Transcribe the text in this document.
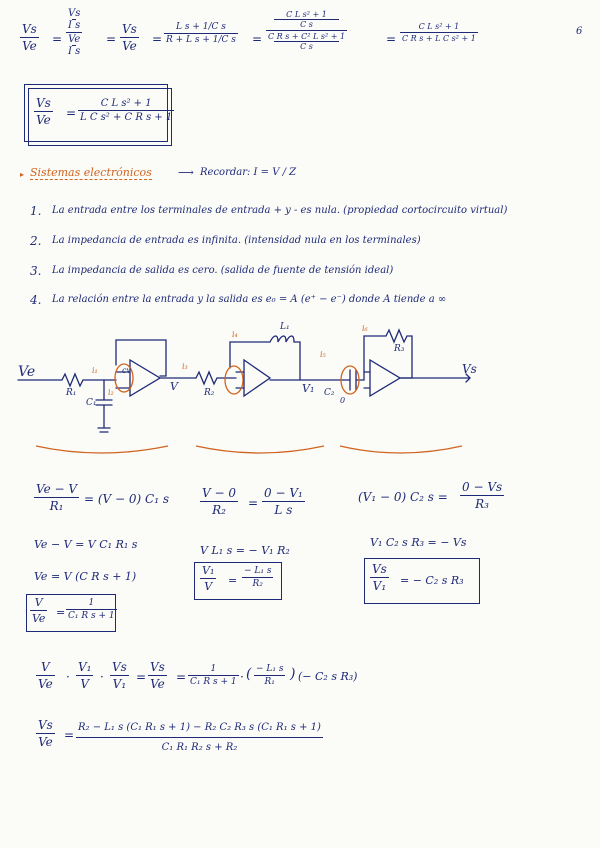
6
Vs
Ve =
Vs
I s
Ve
I s
=
Vs
Ve =
L s + 1/C s
R + L s + 1/C s =
C L s² + 1
C s
C R s + C² L s² + 1
C s
=
C L s² + 1
C R s + L C s² + 1
Vs
Ve =
C L s² + 1
L C s² + C R s + 1
▸ Sistemas electrónicos ⟶ Recordar: I = V / Z
1. La entrada entre los terminales de entrada + y - es nula. (propiedad cortocircuito virtual)
2. La impedancia de entrada es infinita. (intensidad nula en los terminales)
3. La impedancia de salida es cero. (salida de fuente de tensión ideal)
4. La relación entre la entrada y la salida es e₀ = A (e⁺ − e⁻) donde A tiende a ∞
Ve
R₁
C₁
i₁
i₂
cv
V
i₃
R₂
i₄
L₁
V₁
i₅
C₂
i₆
R₃
0
Vs
Ve − V
R₁ = (V − 0) C₁ s
Ve − V = V C₁ R₁ s
Ve = V (C R s + 1)
V
Ve =
1
C₁ R s + 1
V − 0
R₂ =
0 − V₁
L s
V L₁ s = − V₁ R₂
V₁
V =
− L₁ s
R₂
(V₁ − 0) C₂ s =
0 − Vs
R₃
V₁ C₂ s R₃ = − Vs
Vs
V₁ = − C₂ s R₃
V
Ve ·
V₁
V ·
Vs
V₁ =
Vs
Ve =
1
C₁ R s + 1 · ( − L₁ s
R₁ ) (− C₂ s R₃)
Vs
Ve =
R₂ − L₁ s (C₁ R₁ s + 1) − R₂ C₂ R₃ s (C₁ R₁ s + 1)
C₁ R₁ R₂ s + R₂
